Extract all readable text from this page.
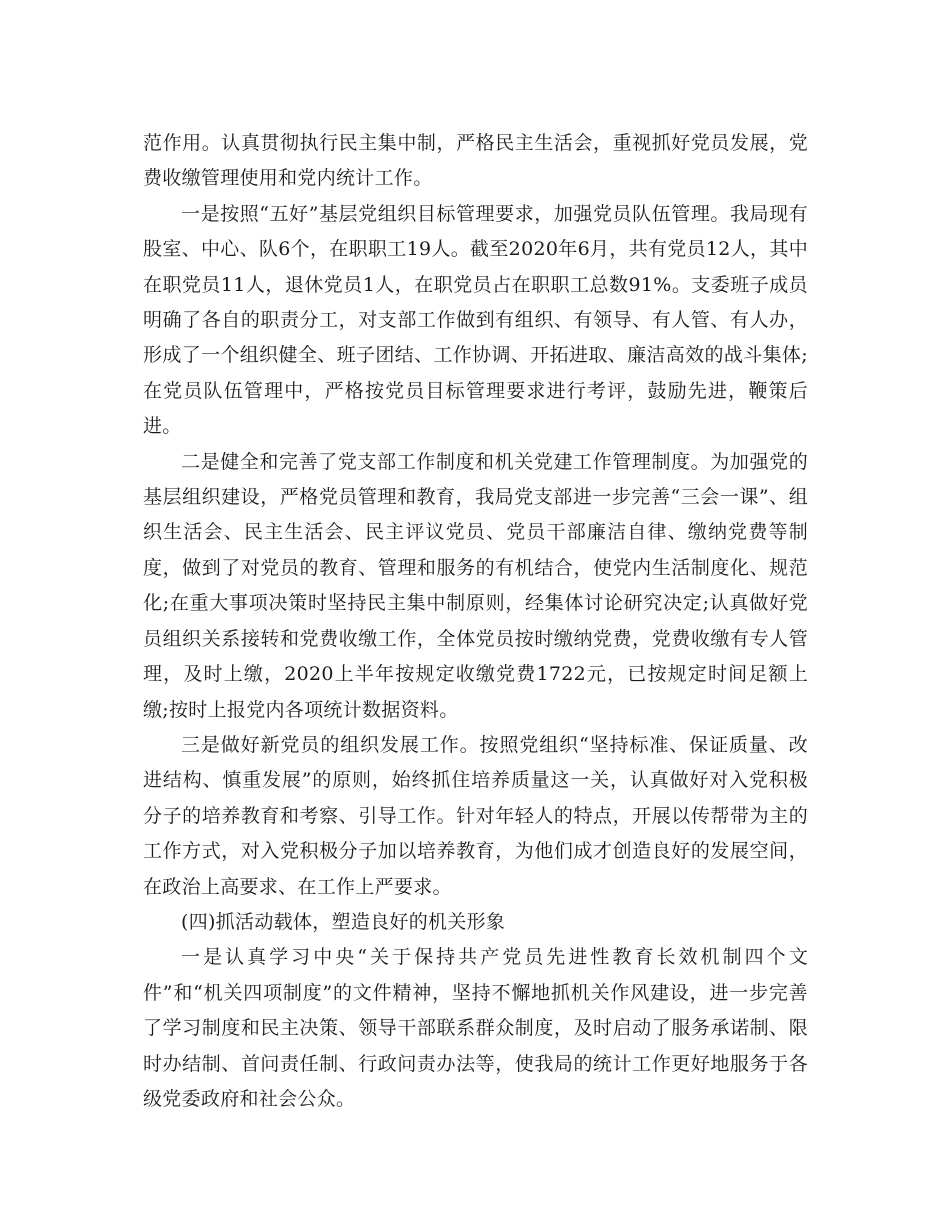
范作用。认真贯彻执行民主集中制，严格民主生活会，重视抓好党员发展，党费收缴管理使用和党内统计工作。

一是按照“五好”基层党组织目标管理要求，加强党员队伍管理。我局现有股室、中心、队6个，在职职工19人。截至2020年6月，共有党员12人，其中在职党员11人，退休党员1人，在职党员占在职职工总数91%。支委班子成员明确了各自的职责分工，对支部工作做到有组织、有领导、有人管、有人办，形成了一个组织健全、班子团结、工作协调、开拓进取、廉洁高效的战斗集体;在党员队伍管理中，严格按党员目标管理要求进行考评，鼓励先进，鞭策后进。

二是健全和完善了党支部工作制度和机关党建工作管理制度。为加强党的基层组织建设，严格党员管理和教育，我局党支部进一步完善“三会一课”、组织生活会、民主生活会、民主评议党员、党员干部廉洁自律、缴纳党费等制度，做到了对党员的教育、管理和服务的有机结合，使党内生活制度化、规范化;在重大事项决策时坚持民主集中制原则，经集体讨论研究决定;认真做好党员组织关系接转和党费收缴工作，全体党员按时缴纳党费，党费收缴有专人管理，及时上缴，2020上半年按规定收缴党费1722元，已按规定时间足额上缴;按时上报党内各项统计数据资料。

三是做好新党员的组织发展工作。按照党组织“坚持标准、保证质量、改进结构、慎重发展”的原则，始终抓住培养质量这一关，认真做好对入党积极分子的培养教育和考察、引导工作。针对年轻人的特点，开展以传帮带为主的工作方式，对入党积极分子加以培养教育，为他们成才创造良好的发展空间，在政治上高要求、在工作上严要求。

(四)抓活动载体，塑造良好的机关形象

一是认真学习中央“关于保持共产党员先进性教育长效机制四个文件”和“机关四项制度”的文件精神，坚持不懈地抓机关作风建设，进一步完善了学习制度和民主决策、领导干部联系群众制度，及时启动了服务承诺制、限时办结制、首问责任制、行政问责办法等，使我局的统计工作更好地服务于各级党委政府和社会公众。
